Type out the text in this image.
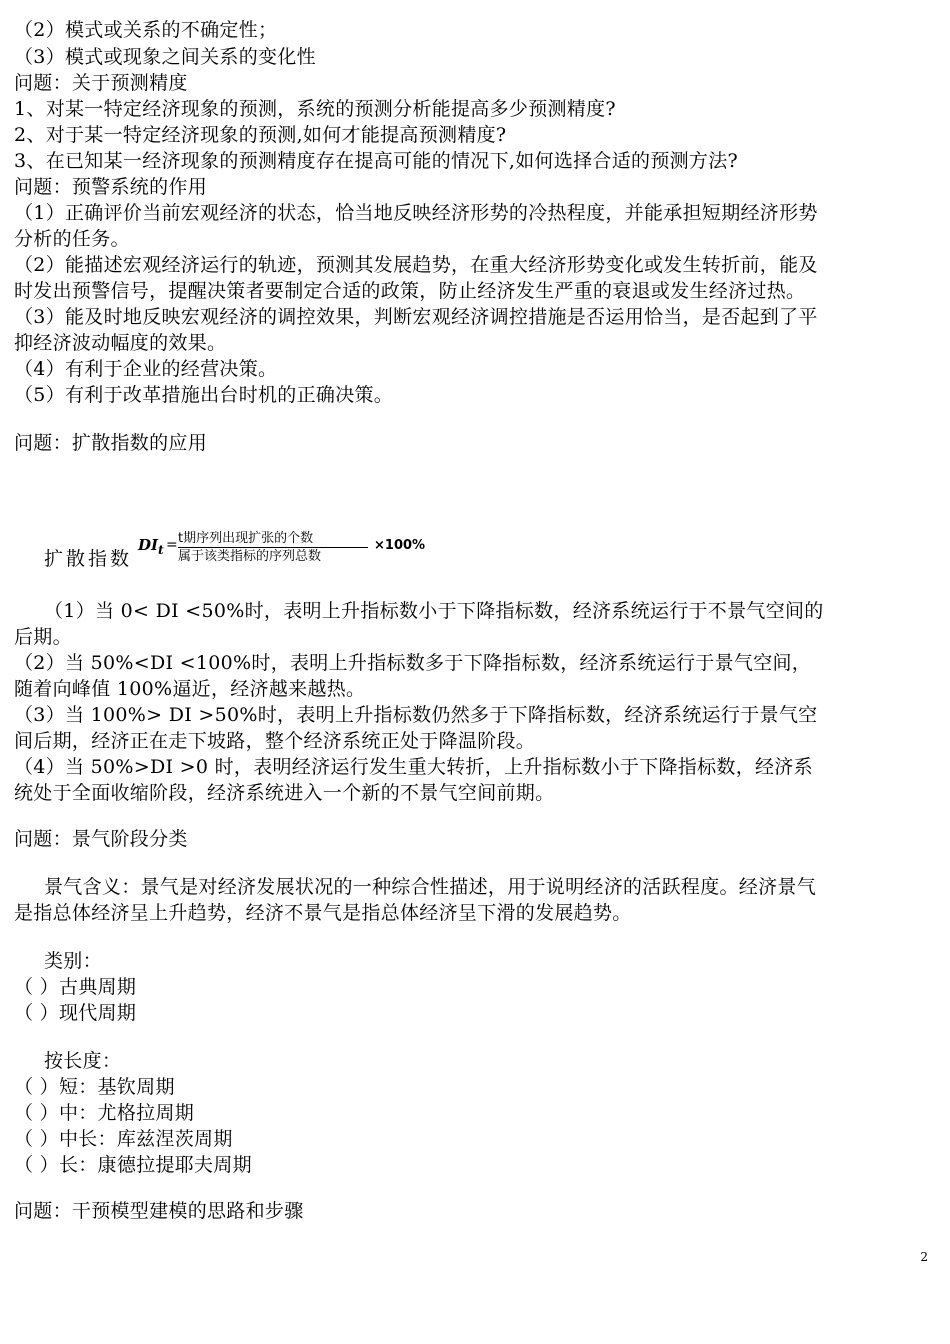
（2）模式或关系的不确定性；
（3）模式或现象之间关系的变化性
问题：关于预测精度
1、对某一特定经济现象的预测，系统的预测分析能提高多少预测精度?
2、对于某一特定经济现象的预测,如何才能提高预测精度?
3、在已知某一经济现象的预测精度存在提高可能的情况下,如何选择合适的预测方法?
问题：预警系统的作用
（1）正确评价当前宏观经济的状态，恰当地反映经济形势的冷热程度，并能承担短期经济形势
分析的任务。
（2）能描述宏观经济运行的轨迹，预测其发展趋势，在重大经济形势变化或发生转折前，能及
时发出预警信号，提醒决策者要制定合适的政策，防止经济发生严重的衰退或发生经济过热。
（3）能及时地反映宏观经济的调控效果，判断宏观经济调控措施是否运用恰当，是否起到了平
抑经济波动幅度的效果。
（4）有利于企业的经营决策。
（5）有利于改革措施出台时机的正确决策。
问题：扩散指数的应用
扩散指数
$DI_t = t$期序列出现扩张的个数
属于该类指标的序列总数
×100%
（1）当 0< DI <50%时，表明上升指标数小于下降指标数，经济系统运行于不景气空间的
后期。
（2）当 50%<DI <100%时，表明上升指标数多于下降指标数，经济系统运行于景气空间，
随着向峰值 100%逼近，经济越来越热。
（3）当 100%> DI >50%时，表明上升指标数仍然多于下降指标数，经济系统运行于景气空
间后期，经济正在走下坡路，整个经济系统正处于降温阶段。
（4）当 50%>DI >0 时，表明经济运行发生重大转折，上升指标数小于下降指标数，经济系
统处于全面收缩阶段，经济系统进入一个新的不景气空间前期。
问题：景气阶段分类
景气含义：景气是对经济发展状况的一种综合性描述，用于说明经济的活跃程度。经济景气
是指总体经济呈上升趋势，经济不景气是指总体经济呈下滑的发展趋势。
类别：
（ ）古典周期
（ ）现代周期
按长度：
（ ）短：基钦周期
（ ）中：尤格拉周期
（ ）中长：库兹涅茨周期
（ ）长：康德拉提耶夫周期
问题：干预模型建模的思路和步骤
2
